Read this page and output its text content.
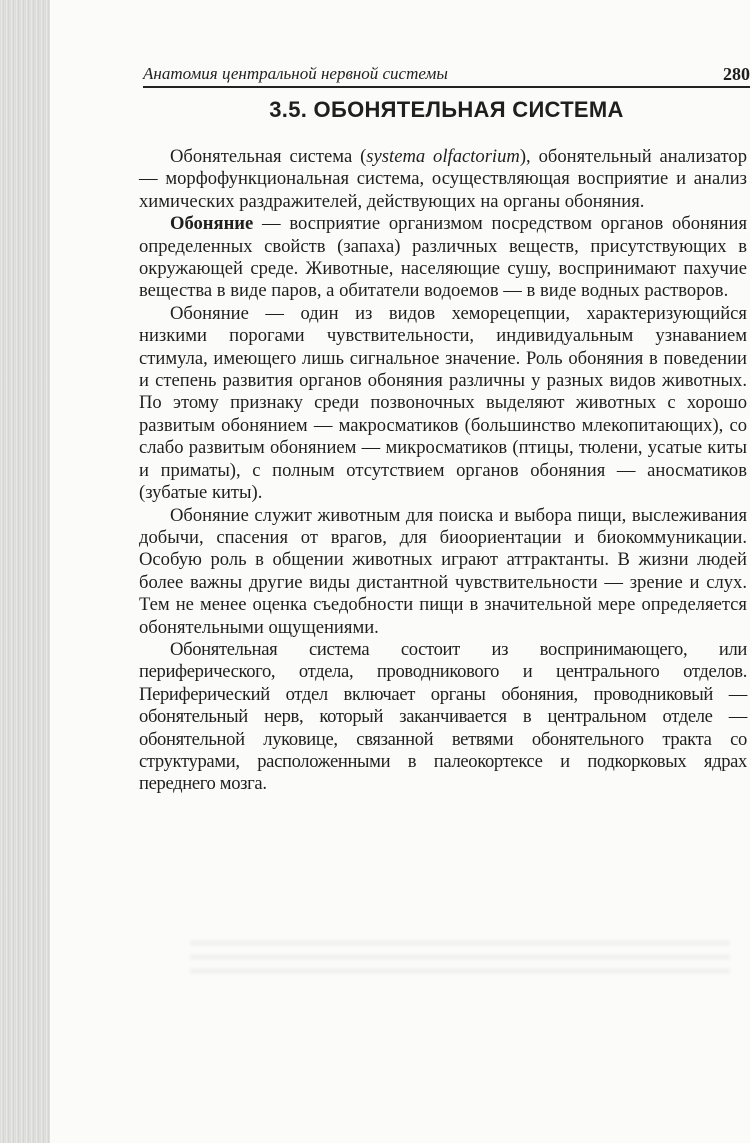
Анатомия центральной нервной системы	280
3.5. ОБОНЯТЕЛЬНАЯ СИСТЕМА

Обонятельная система (systema olfactorium), обонятельный анализатор — морфофункциональная система, осуществляющая восприятие и анализ химических раздражителей, действующих на органы обоняния.

Обоняние — восприятие организмом посредством органов обоняния определенных свойств (запаха) различных веществ, присутствующих в окружающей среде. Животные, населяющие сушу, воспринимают пахучие вещества в виде паров, а обитатели водоемов — в виде водных растворов.

Обоняние — один из видов хеморецепции, характеризующийся низкими порогами чувствительности, индивидуальным узнаванием стимула, имеющего лишь сигнальное значение. Роль обоняния в поведении и степень развития органов обоняния различны у разных видов животных. По этому признаку среди позвоночных выделяют животных с хорошо развитым обонянием — макросматиков (большинство млекопитающих), со слабо развитым обонянием — микросматиков (птицы, тюлени, усатые киты и приматы), с полным отсутствием органов обоняния — аносматиков (зубатые киты).

Обоняние служит животным для поиска и выбора пищи, выслеживания добычи, спасения от врагов, для биоориентации и биокоммуникации. Особую роль в общении животных играют аттрактанты. В жизни людей более важны другие виды дистантной чувствительности — зрение и слух. Тем не менее оценка съедобности пищи в значительной мере определяется обонятельными ощущениями.

Обонятельная система состоит из воспринимающего, или периферического, отдела, проводникового и центрального отделов. Периферический отдел включает органы обоняния, проводниковый — обонятельный нерв, который заканчивается в центральном отделе — обонятельной луковице, связанной ветвями обонятельного тракта со структурами, расположенными в палеокортексе и подкорковых ядрах переднего мозга.
